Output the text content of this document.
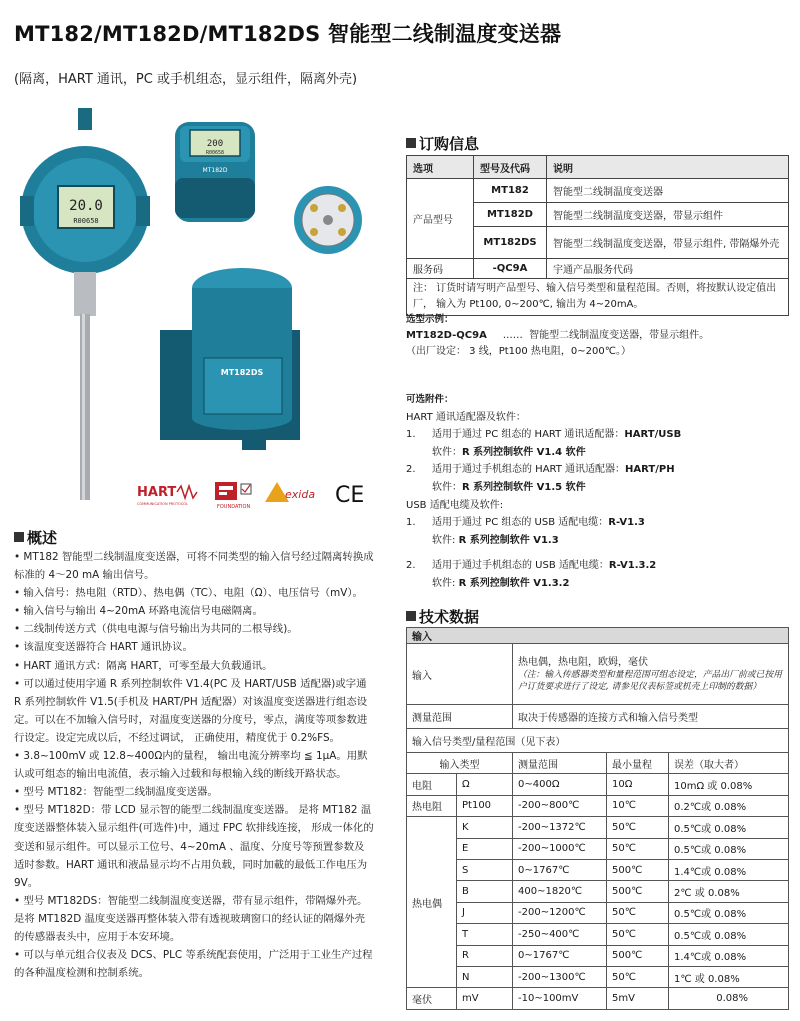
MT182/MT182D/MT182DS 智能型二线制温度变送器
(隔离，HART 通讯，PC 或手机组态，显示组件，隔离外壳)
20.0
R00658
200
R00658
MT182D
MT182DS
HART
COMMUNICATION PROTOCOL	FOUNDATION
exida CE
概述

• MT182 智能型二线制温度变送器，可将不同类型的输入信号经过隔离转换成标准的 4～20 mA 输出信号。

• 输入信号：热电阻（RTD）、热电偶（TC）、电阻（Ω）、电压信号（mV）。

• 输入信号与输出 4~20mA 环路电流信号电磁隔离。

• 二线制传送方式（供电电源与信号输出为共同的二根导线)。

• 该温度变送器符合 HART 通讯协议。

• HART 通讯方式：隔离 HART，可零至最大负载通讯。

• 可以通过使用字通 R 系列控制软件 V1.4(PC 及 HART/USB 适配器)或字通 R 系列控制软件 V1.5(手机及 HART/PH 适配器）对该温度变送器进行组态设定。可以在不加输入信号时，对温度变送器的分度号，零点，满度等项参数进行设定。设定完成以后，不经过调试， 正确使用，精度优于 0.2%FS。

• 3.8~100mV 或 12.8~400Ω内的量程， 输出电流分辨率均 ≦ 1μA。用默认或可组态的输出电流值，表示输入过载和每根输入线的断线开路状态。

• 型号 MT182：智能型二线制温度变送器。

• 型号 MT182D：带 LCD 显示智的能型二线制温度变送器。 是将 MT182 温度变送器整体装入显示组件(可选件)中，通过 FPC 软排线连接， 形成一体化的变送和显示组件。可以显示工位号、4~20mA 、温度、分度号等预置参数及适时参数。HART 通讯和液晶显示均不占用负载，同时加載的最低工作电压为 9V。

• 型号 MT182DS：智能型二线制温度变送器，带有显示组件，带隔爆外壳。是将 MT182D 温度变送器再整体装入带有透视玻璃窗口的经认证的隔爆外壳的传感器表头中，应用于本安环境。

• 可以与单元组合仪表及 DCS、PLC 等系统配套使用，广泛用于工业生产过程的各种温度检测和控制系统。

订购信息
选项	型号及代码	说明
产品型号	MT182	智能型二线制温度变送器
	MT182D	智能型二线制温度变送器，带显示组件
	MT182DS	智能型二线制温度变送器，带显示组件, 带隔爆外壳
服务码	-QC9A	宇通产品服务代码
注： 订货时请写明产品型号、输入信号类型和量程范围。否则，将按默认设定值出厂， 输入为 Pt100, 0~200℃, 输出为 4~20mA。		
选型示例：
MT182D-QC9A …… 智能型二线制温度变送器，带显示组件。
（出厂设定： 3 线，Pt100 热电阻，0~200℃。）
可选附件：
HART 通讯适配器及软件：
1.	适用于通过 PC 组态的 HART 通讯适配器： HART/USB
软件：R 系列控制软件 V1.4 软件
2.	适用于通过手机组态的 HART 通讯适配器： HART/PH
软件：R 系列控制软件 V1.5 软件
USB 适配电缆及软件:
1.	适用于通过 PC 组态的 USB 适配电缆： R-V1.3
软件: R 系列控制软件 V1.3
2.	适用于通过手机组态的 USB 适配电缆： R-V1.3.2
软件: R 系列控制软件 V1.3.2
技术数据
输入				
输入		热电偶，热电阻，欧姆，毫伏
（注：输入传感器类型和量程范围可组态设定，产品出厂前或已按用户订货要求进行了设定, 请参见仪表标签或机壳上印制的数据）		

测量范围		取决于传感器的连接方式和输入信号类型		
输入信号类型/量程范围（见下表）				
输入类型		测量范围	最小量程	误差（取大者）
电阻	Ω	0~400Ω	10Ω	10mΩ 或 0.08%
热电阻	Pt100	-200~800℃	10℃	0.2℃或 0.08%
热电偶	K	-200~1372℃	50℃	0.5℃或 0.08%
	E	-200~1000℃	50℃	0.5℃或 0.08%
	S	0~1767℃	500℃	1.4℃或 0.08%
	B	400~1820℃	500℃	2℃ 或 0.08%
	J	-200~1200℃	50℃	0.5℃或 0.08%
	T	-250~400℃	50℃	0.5℃或 0.08%
	R	0~1767℃	500℃	1.4℃或 0.08%
	N	-200~1300℃	50℃	1℃ 或 0.08%
毫伏	mV	-10~100mV	5mV	0.08%
